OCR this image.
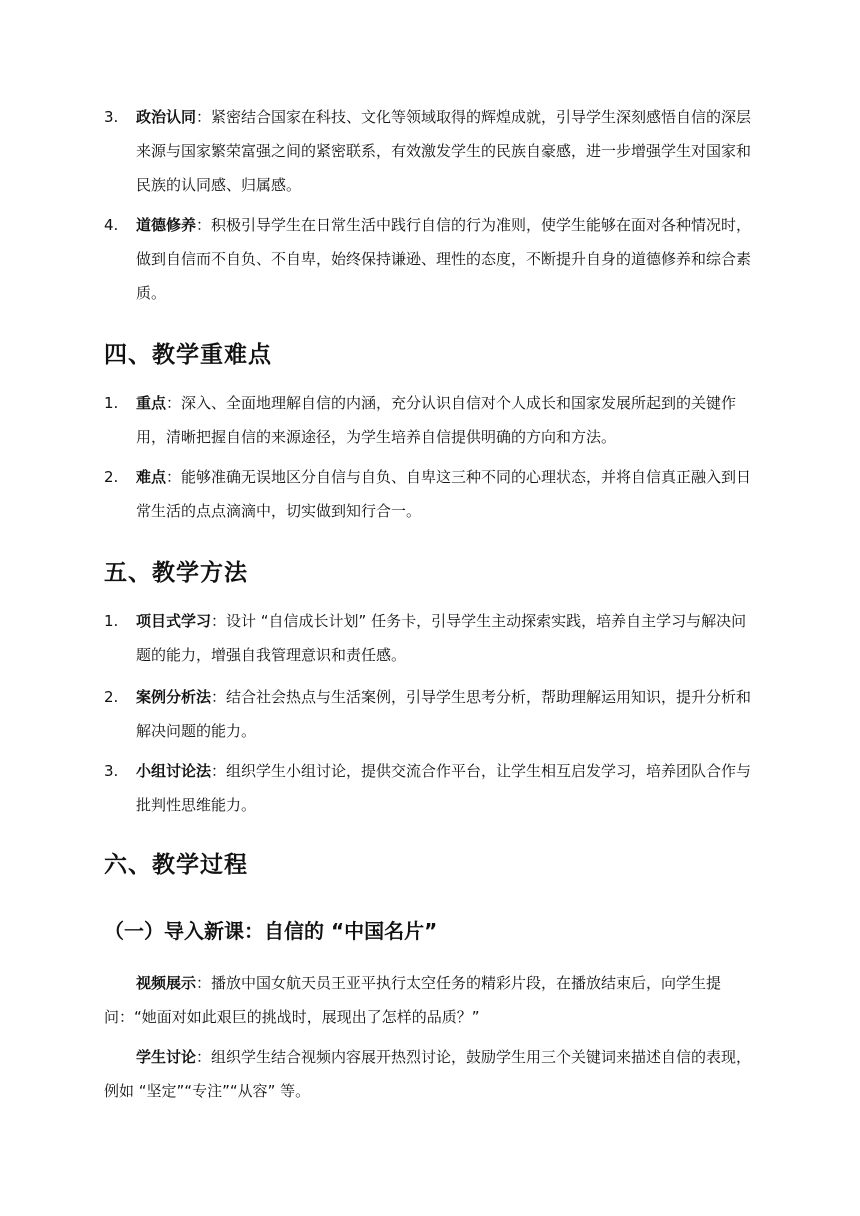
3.	政治认同：紧密结合国家在科技、文化等领域取得的辉煌成就，引导学生深刻感悟自信的深层来源与国家繁荣富强之间的紧密联系，有效激发学生的民族自豪感，进一步增强学生对国家和民族的认同感、归属感。
4.	道德修养：积极引导学生在日常生活中践行自信的行为准则，使学生能够在面对各种情况时，做到自信而不自负、不自卑，始终保持谦逊、理性的态度，不断提升自身的道德修养和综合素质。
四、教学重难点
1.	重点：深入、全面地理解自信的内涵，充分认识自信对个人成长和国家发展所起到的关键作用，清晰把握自信的来源途径，为学生培养自信提供明确的方向和方法。
2.	难点：能够准确无误地区分自信与自负、自卑这三种不同的心理状态，并将自信真正融入到日常生活的点点滴滴中，切实做到知行合一。
五、教学方法
1.	项目式学习：设计 “自信成长计划” 任务卡，引导学生主动探索实践，培养自主学习与解决问题的能力，增强自我管理意识和责任感。
2.	案例分析法：结合社会热点与生活案例，引导学生思考分析，帮助理解运用知识，提升分析和解决问题的能力。
3.	小组讨论法：组织学生小组讨论，提供交流合作平台，让学生相互启发学习，培养团队合作与批判性思维能力。
六、教学过程
（一）导入新课：自信的 “中国名片”
视频展示：播放中国女航天员王亚平执行太空任务的精彩片段，在播放结束后，向学生提问：“她面对如此艰巨的挑战时，展现出了怎样的品质？”
学生讨论：组织学生结合视频内容展开热烈讨论，鼓励学生用三个关键词来描述自信的表现，例如 “坚定”“专注”“从容” 等。
